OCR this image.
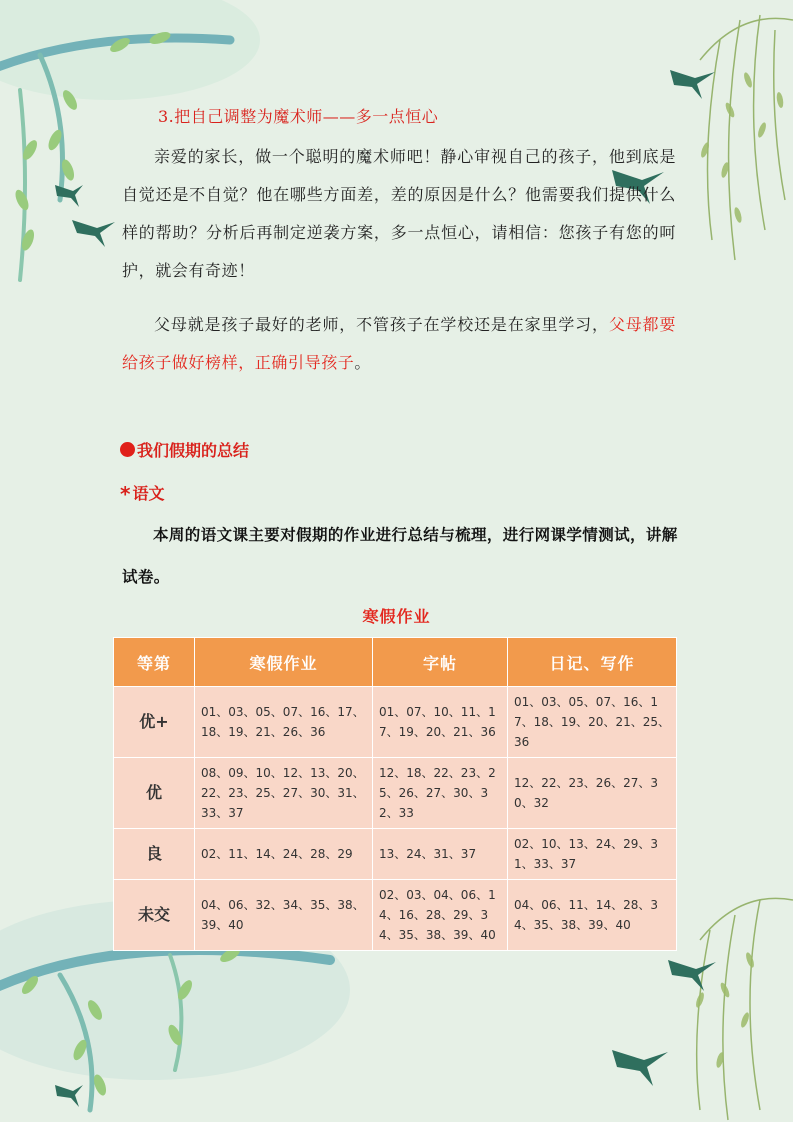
3.把自己调整为魔术师——多一点恒心
亲爱的家长，做一个聪明的魔术师吧！静心审视自己的孩子，他到底是自觉还是不自觉？他在哪些方面差，差的原因是什么？他需要我们提供什么样的帮助？分析后再制定逆袭方案，多一点恒心，请相信：您孩子有您的呵护，就会有奇迹！
父母就是孩子最好的老师，不管孩子在学校还是在家里学习，父母都要给孩子做好榜样，正确引导孩子。
我们假期的总结
* 语文
本周的语文课主要对假期的作业进行总结与梳理，进行网课学情测试，讲解试卷。
寒假作业
等第	寒假作业	字帖	日记、写作
优+	01、03、05、07、16、17、18、19、21、26、36	01、07、10、11、17、19、20、21、36	01、03、05、07、16、17、18、19、20、21、25、36
优	08、09、10、12、13、20、22、23、25、27、30、31、33、37	12、18、22、23、25、26、27、30、32、33	12、22、23、26、27、30、32
良	02、11、14、24、28、29	13、24、31、37	02、10、13、24、29、31、33、37
未交	04、06、32、34、35、38、39、40	02、03、04、06、14、16、28、29、34、35、38、39、40	04、06、11、14、28、34、35、38、39、40
